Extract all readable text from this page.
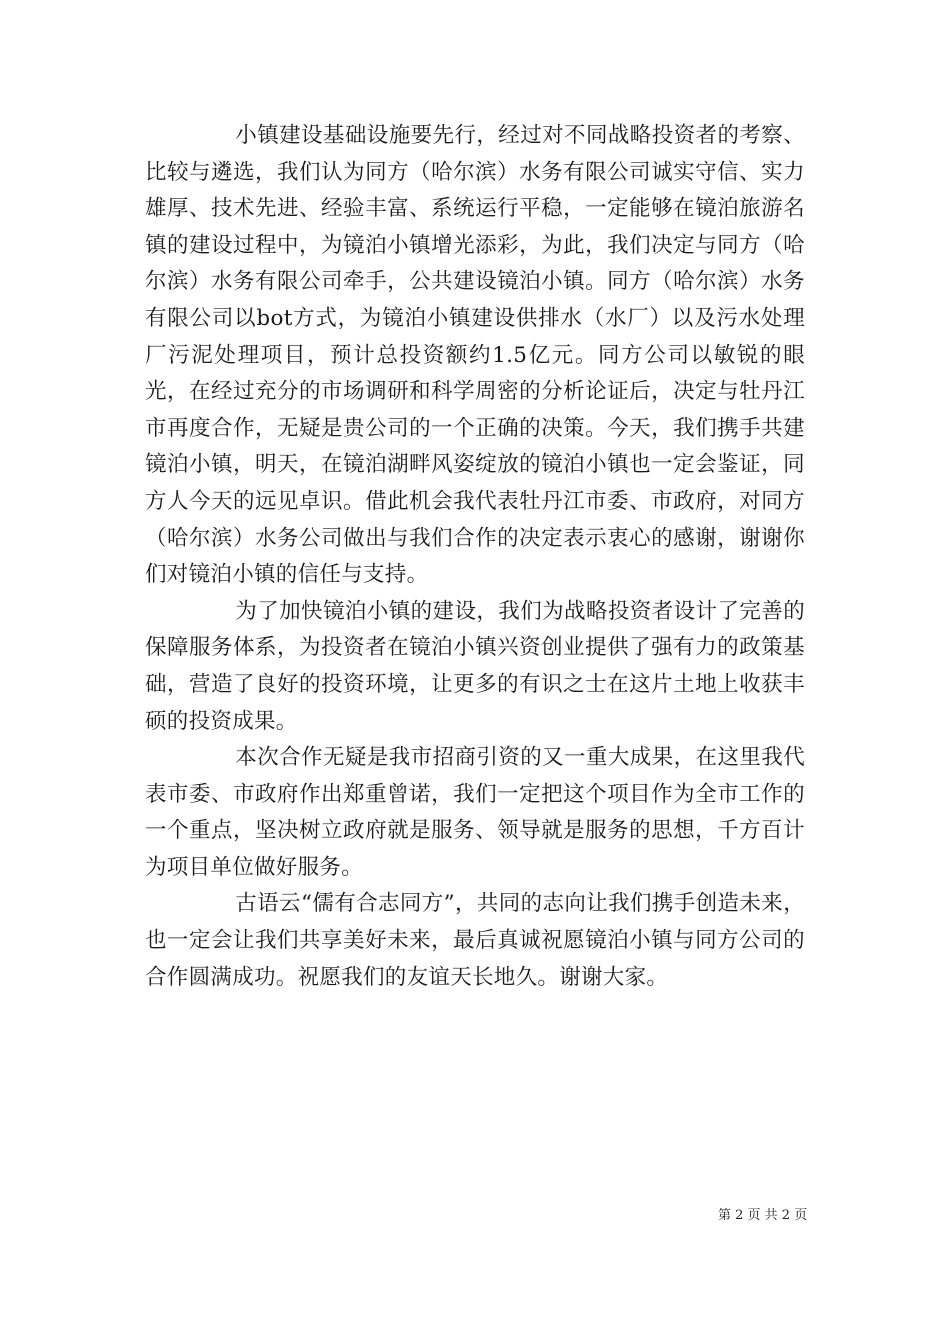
小镇建设基础设施要先行，经过对不同战略投资者的考察、比较与遴选，我们认为同方（哈尔滨）水务有限公司诚实守信、实力雄厚、技术先进、经验丰富、系统运行平稳，一定能够在镜泊旅游名镇的建设过程中，为镜泊小镇增光添彩，为此，我们决定与同方（哈尔滨）水务有限公司牵手，公共建设镜泊小镇。同方（哈尔滨）水务有限公司以bot方式，为镜泊小镇建设供排水（水厂）以及污水处理厂污泥处理项目，预计总投资额约1.5亿元。同方公司以敏锐的眼光，在经过充分的市场调研和科学周密的分析论证后，决定与牡丹江市再度合作，无疑是贵公司的一个正确的决策。今天，我们携手共建镜泊小镇，明天，在镜泊湖畔风姿绽放的镜泊小镇也一定会鉴证，同方人今天的远见卓识。借此机会我代表牡丹江市委、市政府，对同方（哈尔滨）水务公司做出与我们合作的决定表示衷心的感谢，谢谢你们对镜泊小镇的信任与支持。

为了加快镜泊小镇的建设，我们为战略投资者设计了完善的保障服务体系，为投资者在镜泊小镇兴资创业提供了强有力的政策基础，营造了良好的投资环境，让更多的有识之士在这片土地上收获丰硕的投资成果。

本次合作无疑是我市招商引资的又一重大成果，在这里我代表市委、市政府作出郑重曾诺，我们一定把这个项目作为全市工作的一个重点，坚决树立政府就是服务、领导就是服务的思想，千方百计为项目单位做好服务。

古语云“儒有合志同方”，共同的志向让我们携手创造未来，也一定会让我们共享美好未来，最后真诚祝愿镜泊小镇与同方公司的合作圆满成功。祝愿我们的友谊天长地久。谢谢大家。

第 2 页 共 2 页
